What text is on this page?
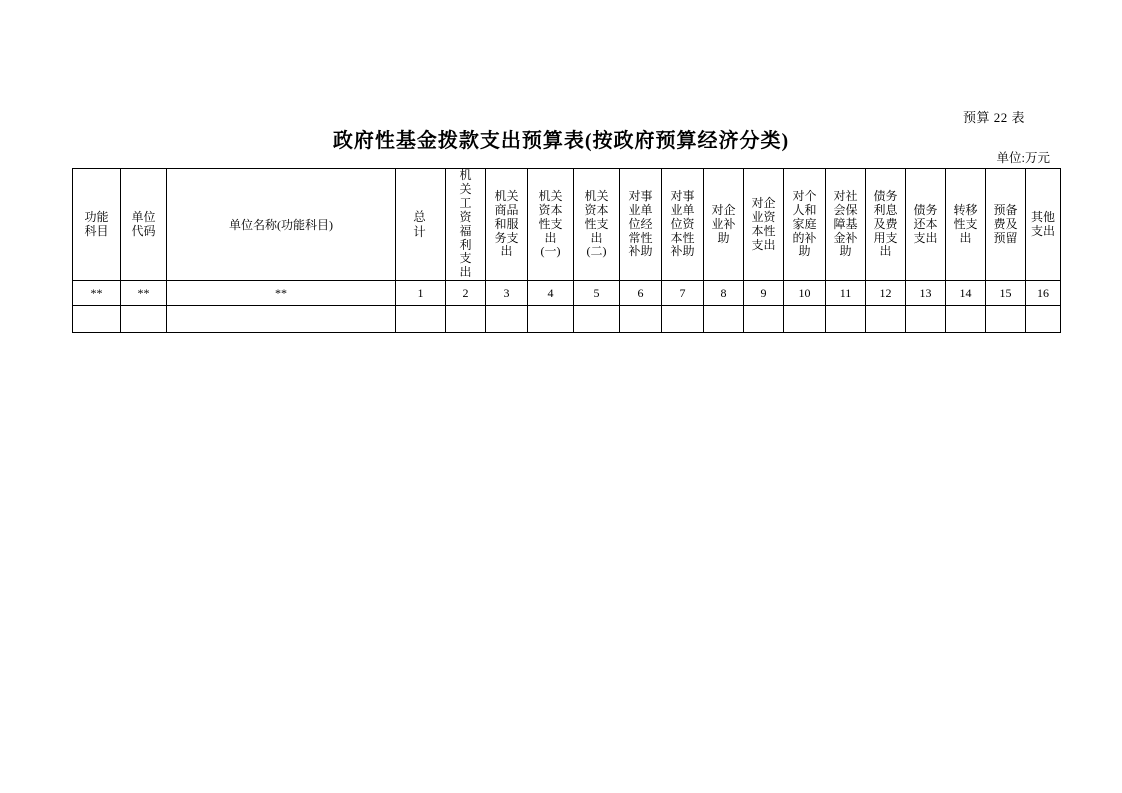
预算 22 表
政府性基金拨款支出预算表(按政府预算经济分类)
单位:万元
功能科目	单位代码	单位名称(功能科目)	总 计	机关工资福利支出	机关商品和服务支出	机关资本性支出(一)	机关资本性支出(二)	对事业单位经常性补助	对事业单位资本性补助	对企业补助	对企业资本性支出	对个人和家庭的补助	对社会保障基金补助	债务利息及费用支出	债务还本支出	转移性支出	预备费及预留	其他支出

**	**	**	1	2	3	4	5	6	7	8	9	10	11	12	13	14	15	16
